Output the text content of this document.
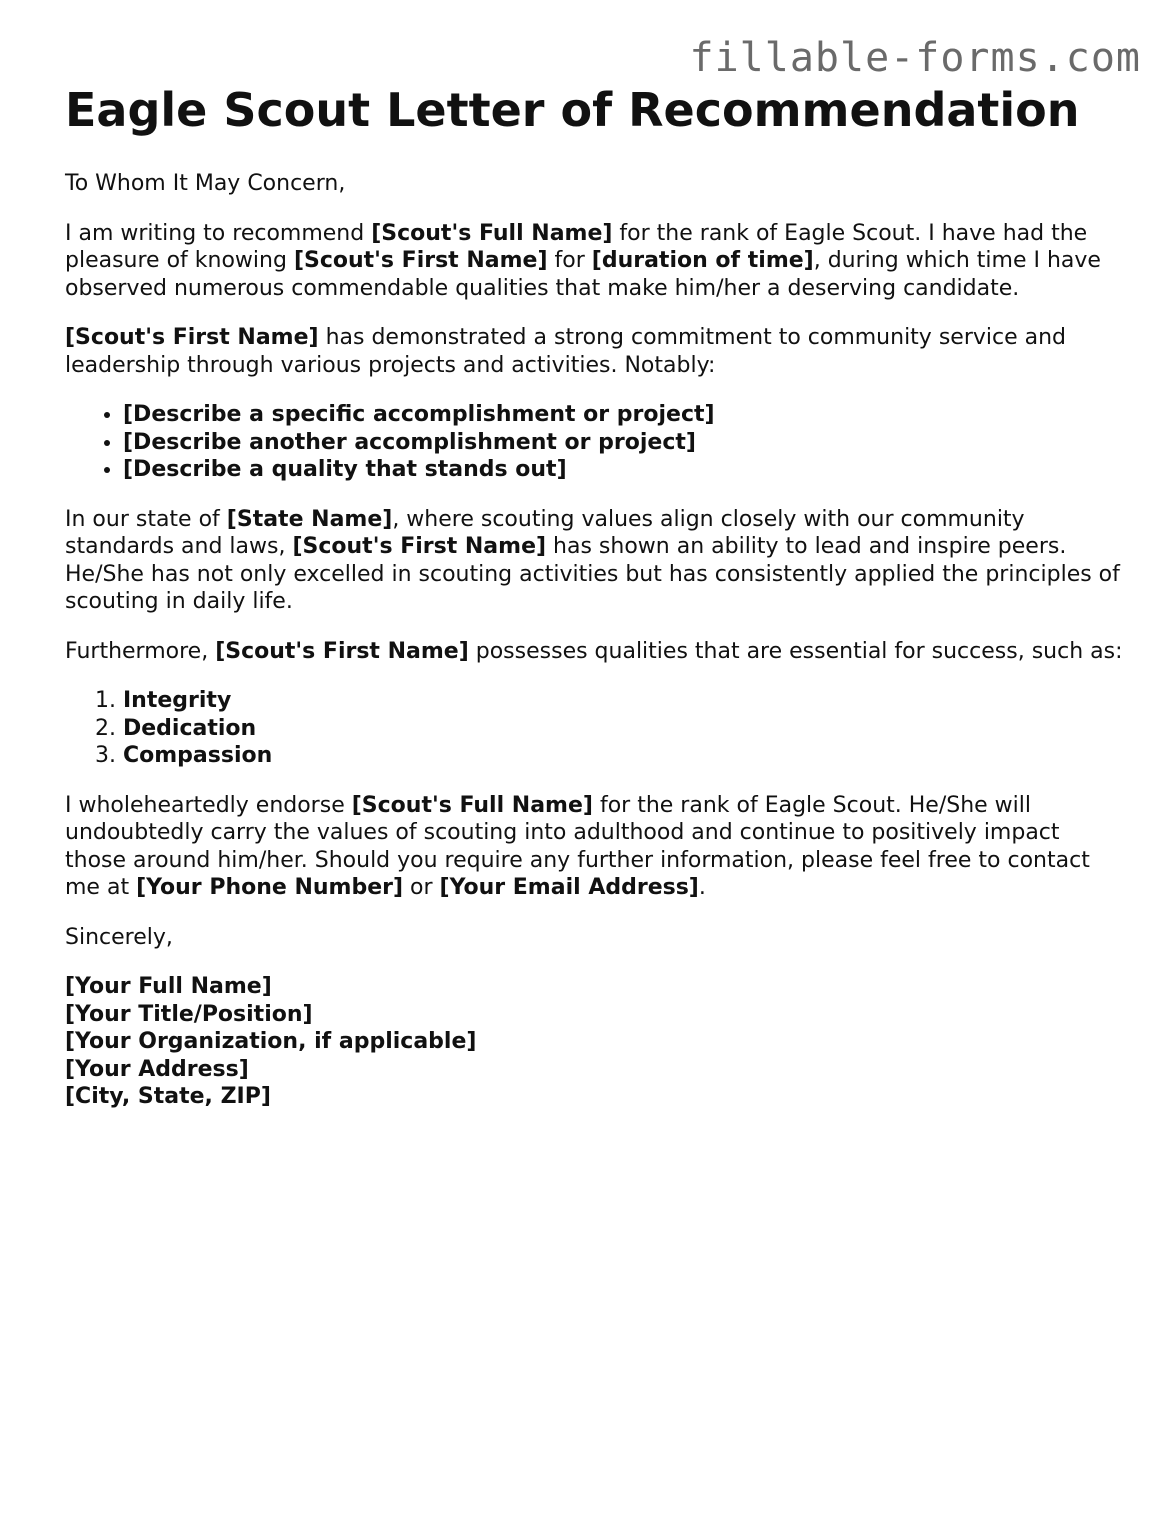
fillable-forms.com
Eagle Scout Letter of Recommendation

To Whom It May Concern,

I am writing to recommend [Scout's Full Name] for the rank of Eagle Scout. I have had the pleasure of knowing [Scout's First Name] for [duration of time], during which time I have observed numerous commendable qualities that make him/her a deserving candidate.

[Scout's First Name] has demonstrated a strong commitment to community service and leadership through various projects and activities. Notably:

• [Describe a specific accomplishment or project]
• [Describe another accomplishment or project]
• [Describe a quality that stands out]

In our state of [State Name], where scouting values align closely with our community standards and laws, [Scout's First Name] has shown an ability to lead and inspire peers. He/She has not only excelled in scouting activities but has consistently applied the principles of scouting in daily life.

Furthermore, [Scout's First Name] possesses qualities that are essential for success, such as:

1. Integrity
2. Dedication
3. Compassion

I wholeheartedly endorse [Scout's Full Name] for the rank of Eagle Scout. He/She will undoubtedly carry the values of scouting into adulthood and continue to positively impact those around him/her. Should you require any further information, please feel free to contact me at [Your Phone Number] or [Your Email Address].

Sincerely,

[Your Full Name]
[Your Title/Position]
[Your Organization, if applicable]
[Your Address]
[City, State, ZIP]
